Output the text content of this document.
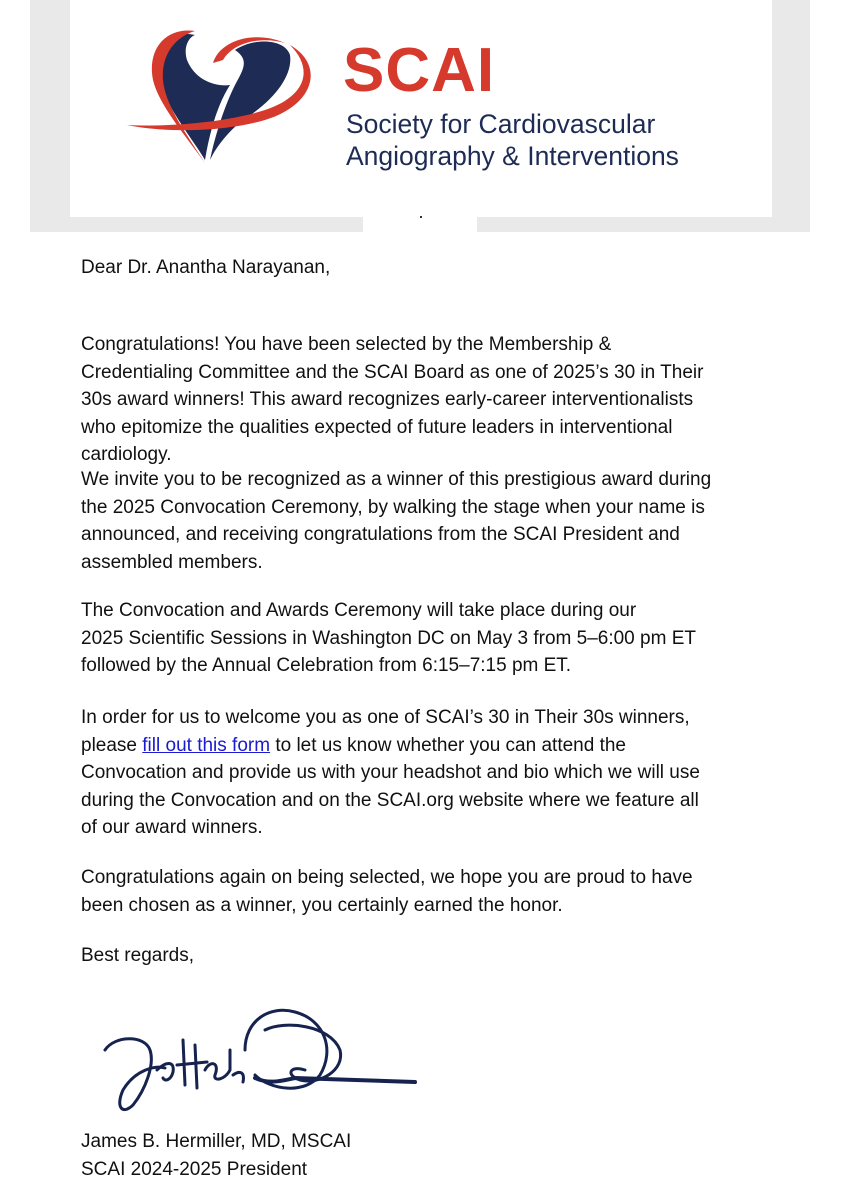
SCAI
Society for Cardiovascular
Angiography & Interventions
Dear Dr. Anantha Narayanan,
Congratulations! You have been selected by the Membership &
Credentialing Committee and the SCAI Board as one of 2025’s 30 in Their
30s award winners! This award recognizes early-career interventionalists
who epitomize the qualities expected of future leaders in interventional
cardiology.
We invite you to be recognized as a winner of this prestigious award during
the 2025 Convocation Ceremony, by walking the stage when your name is
announced, and receiving congratulations from the SCAI President and
assembled members.
The Convocation and Awards Ceremony will take place during our
2025 Scientific Sessions in Washington DC on May 3 from 5–6:00 pm ET
followed by the Annual Celebration from 6:15–7:15 pm ET.
In order for us to welcome you as one of SCAI’s 30 in Their 30s winners,
please fill out this form to let us know whether you can attend the
Convocation and provide us with your headshot and bio which we will use
during the Convocation and on the SCAI.org website where we feature all
of our award winners.
Congratulations again on being selected, we hope you are proud to have
been chosen as a winner, you certainly earned the honor.
Best regards,
James B. Hermiller, MD, MSCAI
SCAI 2024-2025 President
